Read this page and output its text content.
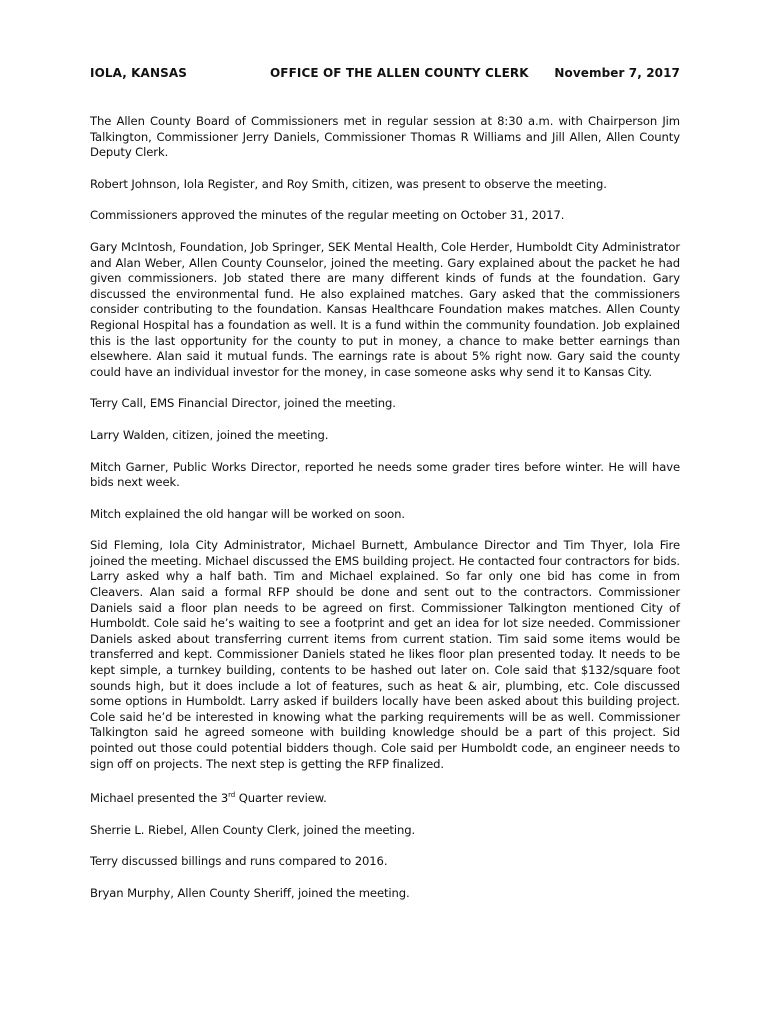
IOLA, KANSAS	OFFICE OF THE ALLEN COUNTY CLERK November 7, 2017

The Allen County Board of Commissioners met in regular session at 8:30 a.m. with Chairperson Jim Talkington, Commissioner Jerry Daniels, Commissioner Thomas R Williams and Jill Allen, Allen County Deputy Clerk.

Robert Johnson, Iola Register, and Roy Smith, citizen, was present to observe the meeting.

Commissioners approved the minutes of the regular meeting on October 31, 2017.

Gary McIntosh, Foundation, Job Springer, SEK Mental Health, Cole Herder, Humboldt City Administrator and Alan Weber, Allen County Counselor, joined the meeting. Gary explained about the packet he had given commissioners. Job stated there are many different kinds of funds at the foundation. Gary discussed the environmental fund. He also explained matches. Gary asked that the commissioners consider contributing to the foundation. Kansas Healthcare Foundation makes matches. Allen County Regional Hospital has a foundation as well. It is a fund within the community foundation. Job explained this is the last opportunity for the county to put in money, a chance to make better earnings than elsewhere. Alan said it mutual funds. The earnings rate is about 5% right now. Gary said the county could have an individual investor for the money, in case someone asks why send it to Kansas City.

Terry Call, EMS Financial Director, joined the meeting.

Larry Walden, citizen, joined the meeting.

Mitch Garner, Public Works Director, reported he needs some grader tires before winter. He will have bids next week.

Mitch explained the old hangar will be worked on soon.

Sid Fleming, Iola City Administrator, Michael Burnett, Ambulance Director and Tim Thyer, Iola Fire joined the meeting. Michael discussed the EMS building project. He contacted four contractors for bids. Larry asked why a half bath. Tim and Michael explained. So far only one bid has come in from Cleavers. Alan said a formal RFP should be done and sent out to the contractors. Commissioner Daniels said a floor plan needs to be agreed on first. Commissioner Talkington mentioned City of Humboldt. Cole said he’s waiting to see a footprint and get an idea for lot size needed. Commissioner Daniels asked about transferring current items from current station. Tim said some items would be transferred and kept. Commissioner Daniels stated he likes floor plan presented today. It needs to be kept simple, a turnkey building, contents to be hashed out later on. Cole said that $132/square foot sounds high, but it does include a lot of features, such as heat & air, plumbing, etc. Cole discussed some options in Humboldt. Larry asked if builders locally have been asked about this building project. Cole said he’d be interested in knowing what the parking requirements will be as well. Commissioner Talkington said he agreed someone with building knowledge should be a part of this project. Sid pointed out those could potential bidders though. Cole said per Humboldt code, an engineer needs to sign off on projects. The next step is getting the RFP finalized.

Michael presented the 3rd Quarter review.

Sherrie L. Riebel, Allen County Clerk, joined the meeting.

Terry discussed billings and runs compared to 2016.

Bryan Murphy, Allen County Sheriff, joined the meeting.
